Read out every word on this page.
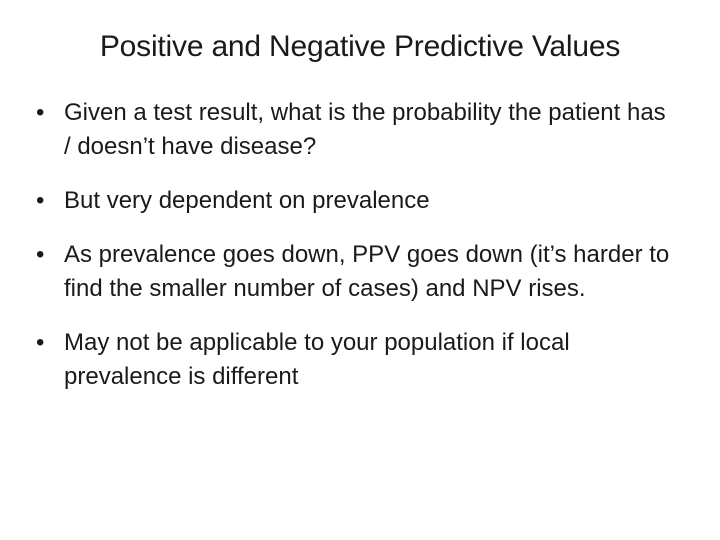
Positive and Negative Predictive Values
• Given a test result, what is the probability the patient has / doesn’t have disease?
• But very dependent on prevalence
• As prevalence goes down, PPV goes down (it’s harder to find the smaller number of cases) and NPV rises.
• May not be applicable to your population if local prevalence is different
